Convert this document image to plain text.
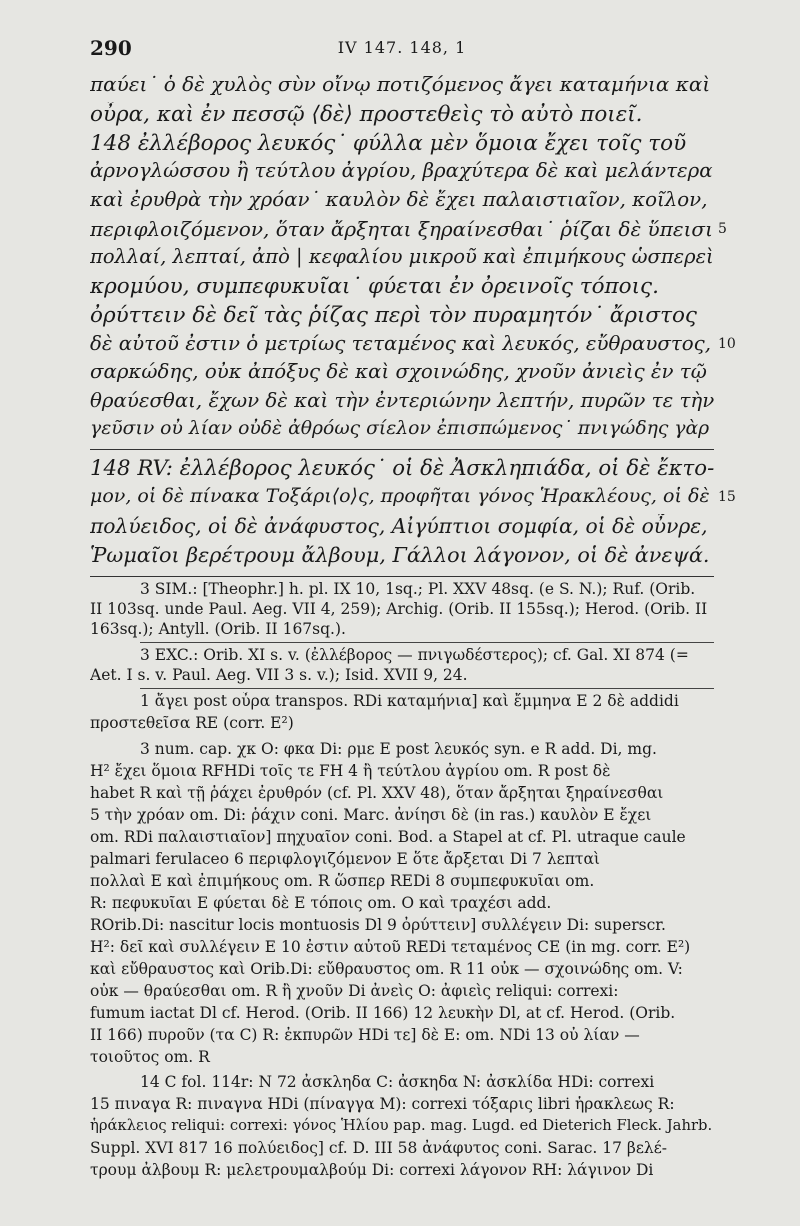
290	IV 147. 148, 1
παύει˙ ὁ δὲ χυλὸς σὺν οἴνῳ ποτιζόμενος ἄγει καταμήνια καὶ
οὖρα, καὶ ἐν πεσσῷ ⟨δὲ⟩ προστεθεὶς τὸ αὐτὸ ποιεῖ.
148 ἐλλέβορος λευκός˙ φύλλα μὲν ὅμοια ἔχει τοῖς τοῦ
ἀρνογλώσσου ἢ τεύτλου ἀγρίου, βραχύτερα δὲ καὶ μελάντερα
καὶ ἐρυθρὰ τὴν χρόαν˙ καυλὸν δὲ ἔχει παλαιστιαῖον, κοῖλον,
περιφλοιζόμενον, ὅταν ἄρξηται ξηραίνεσθαι˙ ῥίζαι δὲ ὕπεισι
πολλαί, λεπταί, ἀπὸ | κεφαλίου μικροῦ καὶ ἐπιμήκους ὡσπερεὶ
κρομύου, συμπεφυκυῖαι˙ φύεται ἐν ὀρεινοῖς τόποις.
ὀρύττειν δὲ δεῖ τὰς ῥίζας περὶ τὸν πυραμητόν˙ ἄριστος
δὲ αὐτοῦ ἐστιν ὁ μετρίως τεταμένος καὶ λευκός, εὔθραυστος,
σαρκώδης, οὐκ ἀπόξυς δὲ καὶ σχοινώδης, χνοῦν ἀνιεὶς ἐν τῷ
θραύεσθαι, ἔχων δὲ καὶ τὴν ἐντεριώνην λεπτήν, πυρῶν τε τὴν
γεῦσιν οὐ λίαν οὐδὲ ἀθρόως σίελον ἐπισπώμενος˙ πνιγώδης γὰρ
148 RV: ἐλλέβορος λευκός˙ οἱ δὲ Ἀσκληπιάδα, οἱ δὲ ἔκτο-
μον, οἱ δὲ πίνακα Τοξάρι⟨ο⟩ς, προφῆται γόνος Ἡρακλέους, οἱ δὲ
πολύειδος, οἱ δὲ ἀνάφυστος, Αἰγύπτιοι σομφία, οἱ δὲ οὖνρε,
Ῥωμαῖοι βερέτρουμ ἄλβουμ, Γάλλοι λάγονον, οἱ δὲ ἀνεψά.
5
10
15
3 SIM.: [Theophr.] h. pl. IX 10, 1sq.; Pl. XXV 48sq. (e S. N.); Ruf. (Orib.
II 103sq. unde Paul. Aeg. VII 4, 259); Archig. (Orib. II 155sq.); Herod. (Orib. II
163sq.); Antyll. (Orib. II 167sq.).
3 EXC.: Orib. XI s. v. (ἐλλέβορος — πνιγωδέστερος); cf. Gal. XI 874 (=
Aet. I s. v. Paul. Aeg. VII 3 s. v.); Isid. XVII 9, 24.
1 ἄγει post οὖρα transpos. RDi καταμήνια] καὶ ἔμμηνα E 2 δὲ addidi
προστεθεῖσα RE (corr. E²)
3 num. cap. χκ O: φκα Di: ρμε E post λευκός syn. e R add. Di, mg.
H² ἔχει ὅμοια RFHDi τοῖς τε FH 4 ἢ τεύτλου ἀγρίου om. R post δὲ
habet R καὶ τῇ ῥάχει ἐρυθρόν (cf. Pl. XXV 48), ὅταν ἄρξηται ξηραίνεσθαι
5 τὴν χρόαν om. Di: ῥάχιν coni. Marc. ἀνίησι δὲ (in ras.) καυλὸν E ἔχει
om. RDi παλαιστιαῖον] πηχυαῖον coni. Bod. a Stapel at cf. Pl. utraque caule
palmari ferulaceo 6 περιφλογιζόμενον E ὅτε ἄρξεται Di 7 λεπταὶ
πολλαὶ E καὶ ἐπιμήκους om. R ὥσπερ REDi 8 συμπεφυκυῖαι om.
R: πεφυκυῖαι E φύεται δὲ E τόποις om. O καὶ τραχέσι add.
ROrib.Di: nascitur locis montuosis Dl 9 ὀρύττειν] συλλέγειν Di: superscr.
H²: δεῖ καὶ συλλέγειν E 10 ἐστιν αὐτοῦ REDi τεταμένος CE (in mg. corr. E²)
καὶ εὔθραυστος καὶ Orib.Di: εὔθραυστος om. R 11 οὐκ — σχοινώδης om. V:
οὐκ — θραύεσθαι om. R ἢ χνοῦν Di ἀνεὶς O: ἀφιεὶς reliqui: correxi:
fumum iactat Dl cf. Herod. (Orib. II 166) 12 λευκὴν Dl, at cf. Herod. (Orib.
II 166) πυροῦν (τα C) R: ἐκπυρῶν HDi τε] δὲ E: om. NDi 13 οὐ λίαν —
τοιοῦτος om. R
14 C fol. 114r: N 72 ἀσκληδα C: ἀσκηδα N: ἀσκλίδα HDi: correxi
15 πιναγα R: πιναγνα HDi (πίναγγα M): correxi τόξαρις libri ἡρακλεως R:
ἡράκλειος reliqui: correxi: γόνος Ἡλίου pap. mag. Lugd. ed Dieterich Fleck. Jahrb.
Suppl. XVI 817 16 πολύειδος] cf. D. III 58 ἀνάφυτος coni. Sarac. 17 βελέ-
τρουμ ἀλβουμ R: μελετρουμαλβούμ Di: correxi λάγονον RH: λάγινον Di
